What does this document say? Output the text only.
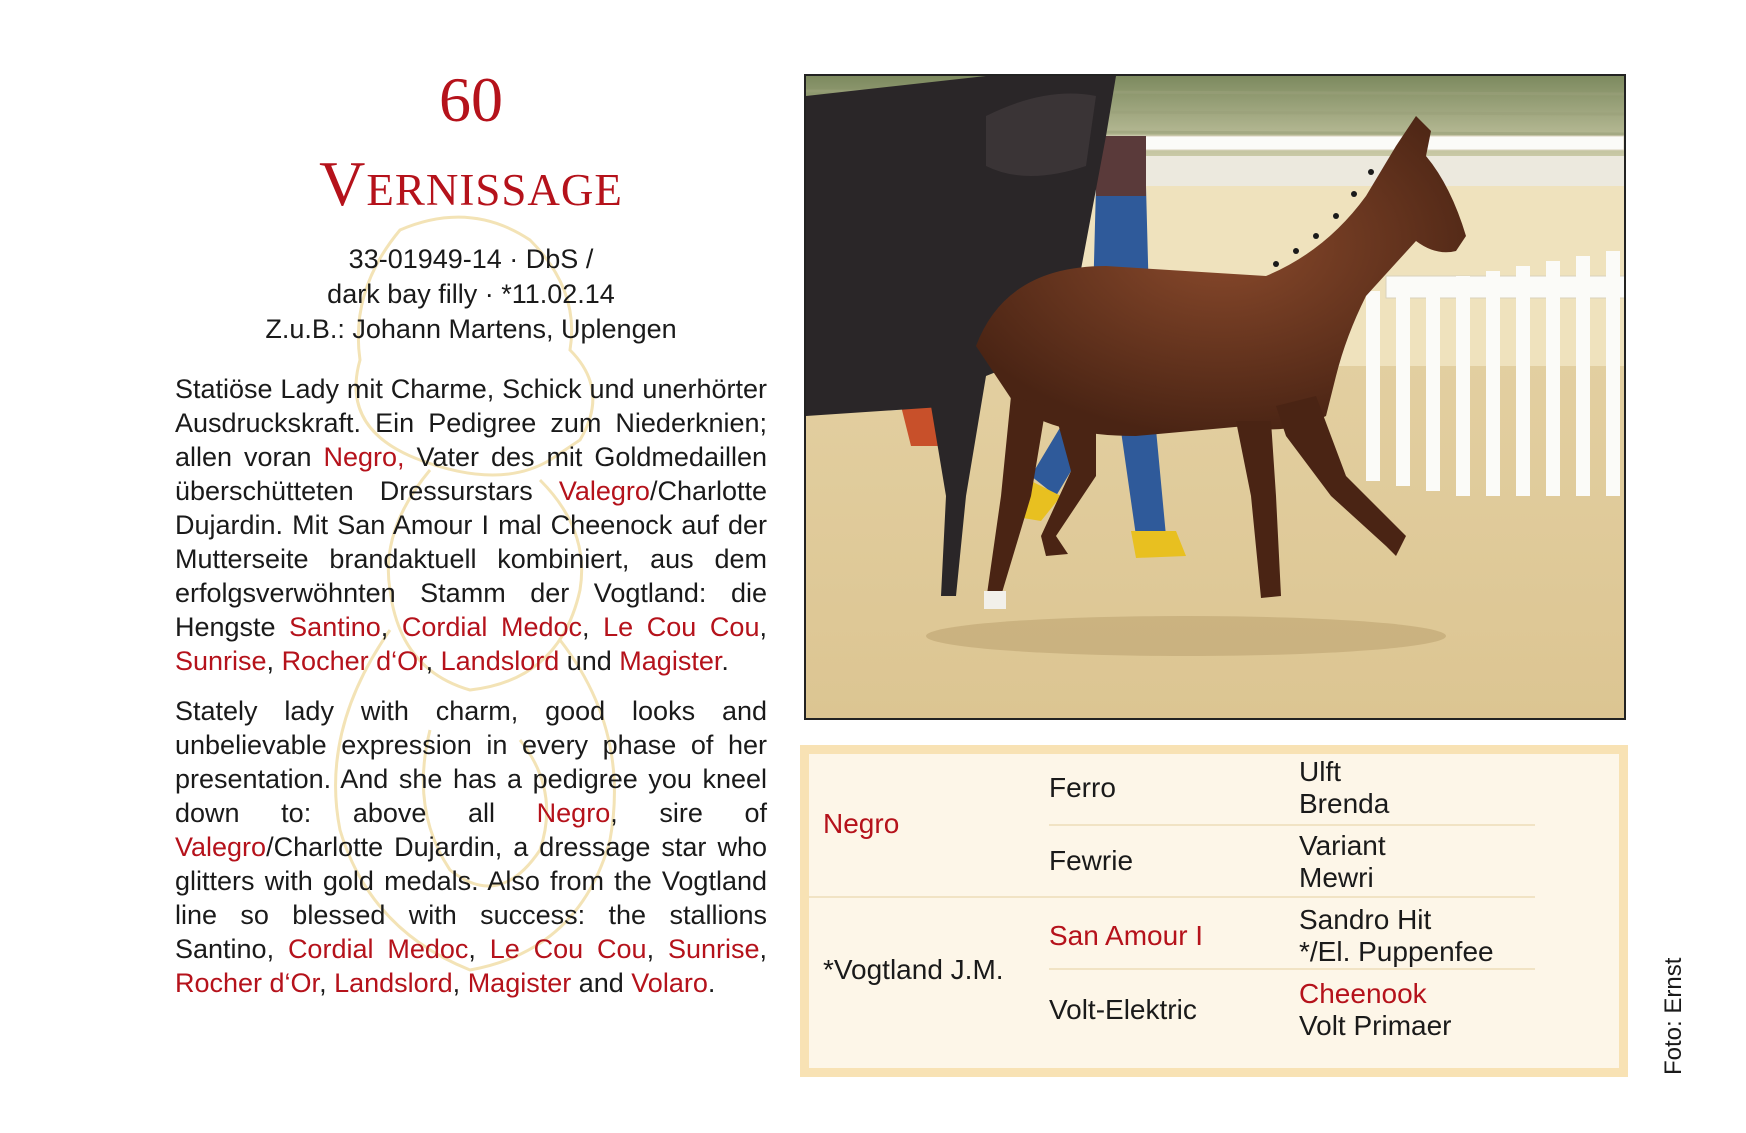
60
Vernissage
33-01949-14 · DbS /
dark bay filly · *11.02.14
Z.u.B.: Johann Martens, Uplengen

Statiöse Lady mit Charme, Schick und unerhörter Ausdruckskraft. Ein Pedigree zum Niederknien; allen voran Negro, Vater des mit Goldmedaillen überschütteten Dressurstars Valegro/Charlotte Dujardin. Mit San Amour I mal Cheenock auf der Mutterseite brandaktuell kombiniert, aus dem erfolgsverwöhnten Stamm der Vogtland: die Hengste Santino, Cordial Medoc, Le Cou Cou, Sunrise, Rocher d‘Or, Landslord und Magister.

Stately lady with charm, good looks and unbelievable expression in every phase of her presentation. And she has a pedigree you kneel down to: above all Negro, sire of Valegro/Charlotte Dujardin, a dressage star who glitters with gold medals. Also from the Vogtland line so blessed with success: the stallions Santino, Cordial Medoc, Le Cou Cou, Sunrise, Rocher d‘Or, Landslord, Magister and Volaro.

Negro
*Vogtland J.M.
Ferro
Fewrie
San Amour I
Volt-Elektric
Ulft
Brenda
Variant
Mewri
Sandro Hit
*/El. Puppenfee
Cheenook
Volt Primaer	Foto: Ernst
